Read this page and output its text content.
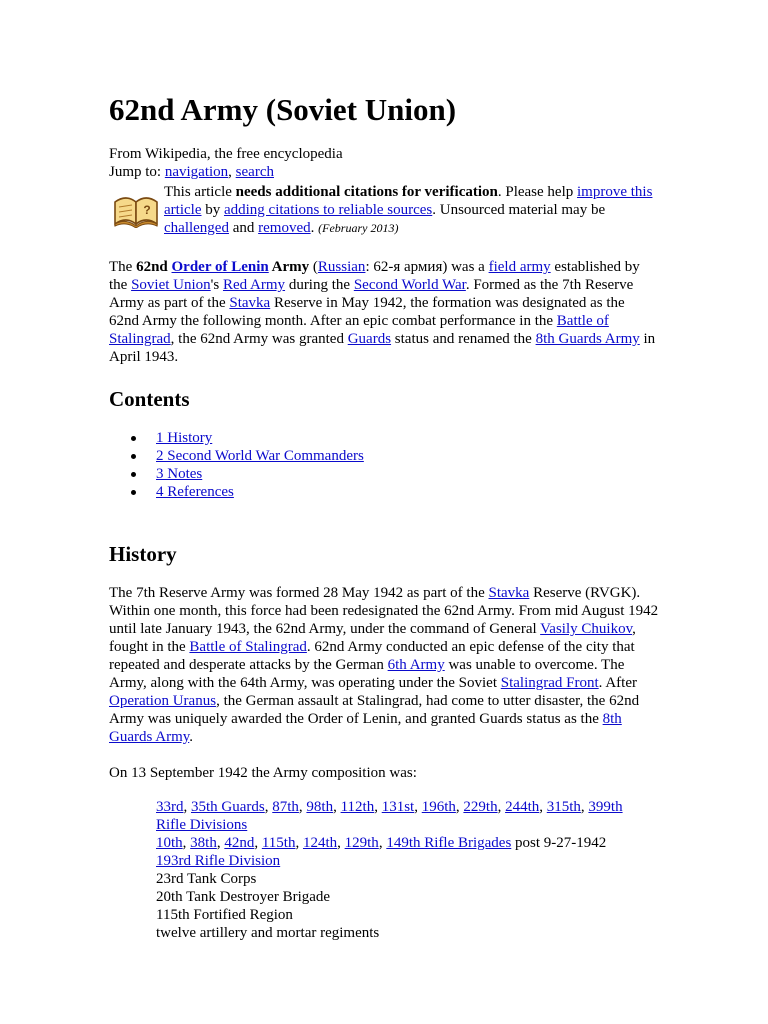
62nd Army (Soviet Union)
From Wikipedia, the free encyclopedia
Jump to: navigation, search
?
This article needs additional citations for verification. Please help improve this article by adding citations to reliable sources. Unsourced material may be challenged and removed. (February 2013)

The 62nd Order of Lenin Army (Russian: 62-я армия) was a field army established by the Soviet Union's Red Army during the Second World War. Formed as the 7th Reserve Army as part of the Stavka Reserve in May 1942, the formation was designated as the 62nd Army the following month. After an epic combat performance in the Battle of Stalingrad, the 62nd Army was granted Guards status and renamed the 8th Guards Army in April 1943.

Contents
1 History
2 Second World War Commanders
3 Notes
4 References
History

The 7th Reserve Army was formed 28 May 1942 as part of the Stavka Reserve (RVGK). Within one month, this force had been redesignated the 62nd Army. From mid August 1942 until late January 1943, the 62nd Army, under the command of General Vasily Chuikov, fought in the Battle of Stalingrad. 62nd Army conducted an epic defense of the city that repeated and desperate attacks by the German 6th Army was unable to overcome. The Army, along with the 64th Army, was operating under the Soviet Stalingrad Front. After Operation Uranus, the German assault at Stalingrad, had come to utter disaster, the 62nd Army was uniquely awarded the Order of Lenin, and granted Guards status as the 8th Guards Army.

On 13 September 1942 the Army composition was:

33rd, 35th Guards, 87th, 98th, 112th, 131st, 196th, 229th, 244th, 315th, 399th Rifle Divisions
10th, 38th, 42nd, 115th, 124th, 129th, 149th Rifle Brigades post 9-27-1942
193rd Rifle Division
23rd Tank Corps
20th Tank Destroyer Brigade
115th Fortified Region
twelve artillery and mortar regiments
